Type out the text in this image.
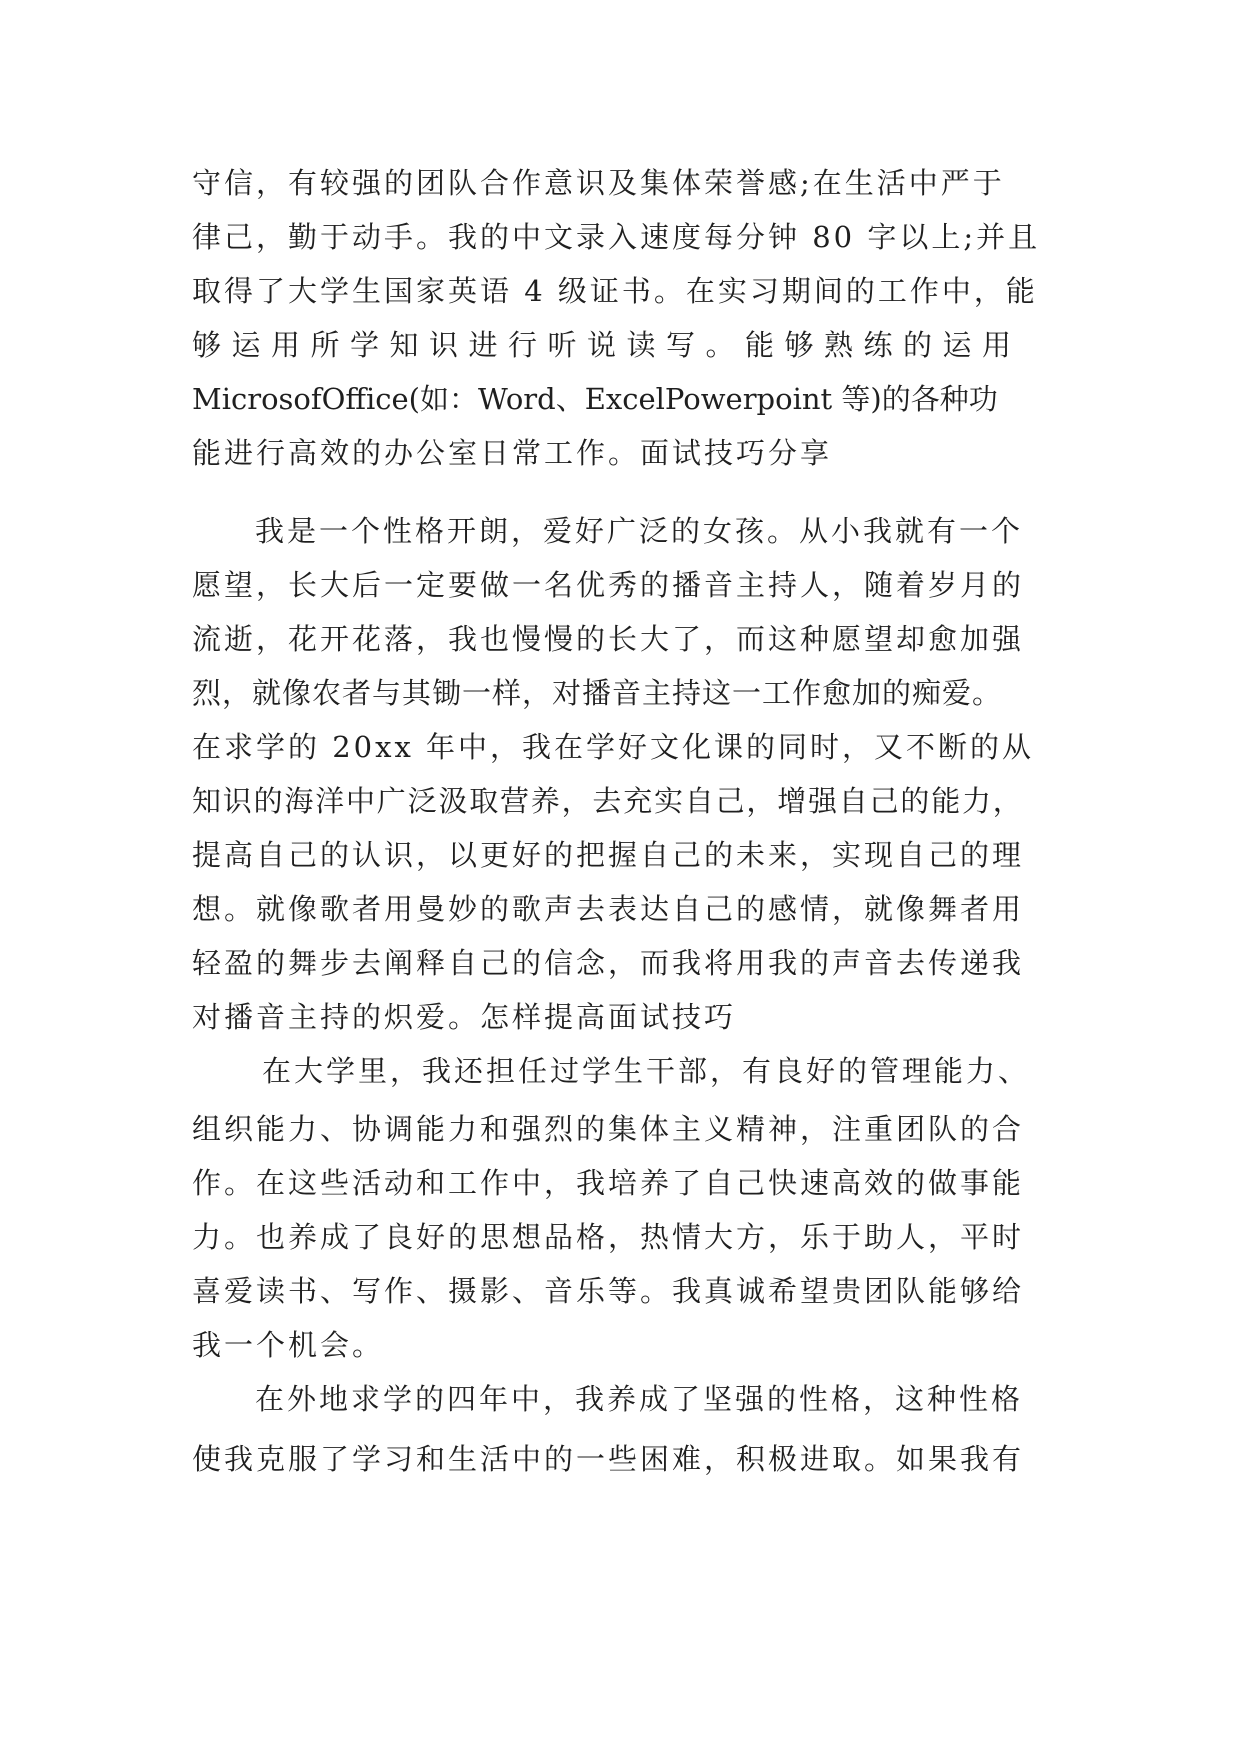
守信，有较强的团队合作意识及集体荣誉感;在生活中严于

律己，勤于动手。我的中文录入速度每分钟 80 字以上;并且

取得了大学生国家英语 4 级证书。在实习期间的工作中，能

够运用所学知识进行听说读写。能够熟练的运用

MicrosofOffice(如：Word、ExcelPowerpoint 等)的各种功

能进行高效的办公室日常工作。面试技巧分享

我是一个性格开朗，爱好广泛的女孩。从小我就有一个

愿望，长大后一定要做一名优秀的播音主持人，随着岁月的

流逝，花开花落，我也慢慢的长大了，而这种愿望却愈加强

烈，就像农者与其锄一样，对播音主持这一工作愈加的痴爱。

在求学的 20xx 年中，我在学好文化课的同时，又不断的从

知识的海洋中广泛汲取营养，去充实自己，增强自己的能力，

提高自己的认识，以更好的把握自己的未来，实现自己的理

想。就像歌者用曼妙的歌声去表达自己的感情，就像舞者用

轻盈的舞步去阐释自己的信念，而我将用我的声音去传递我

对播音主持的炽爱。怎样提高面试技巧

在大学里，我还担任过学生干部，有良好的管理能力、

组织能力、协调能力和强烈的集体主义精神，注重团队的合

作。在这些活动和工作中，我培养了自己快速高效的做事能

力。也养成了良好的思想品格，热情大方，乐于助人，平时

喜爱读书、写作、摄影、音乐等。我真诚希望贵团队能够给

我一个机会。

在外地求学的四年中，我养成了坚强的性格，这种性格

使我克服了学习和生活中的一些困难，积极进取。如果我有
